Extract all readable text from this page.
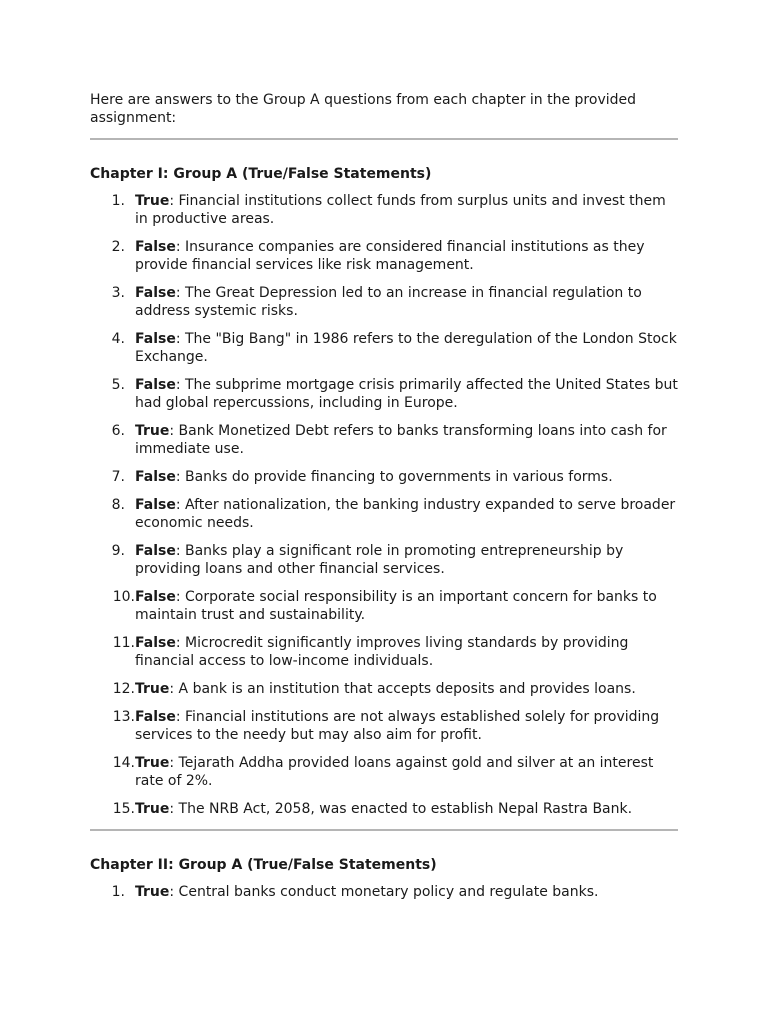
Here are answers to the Group A questions from each chapter in the provided assignment:

Chapter I: Group A (True/False Statements)
1. True: Financial institutions collect funds from surplus units and invest them in productive areas.
2. False: Insurance companies are considered financial institutions as they provide financial services like risk management.
3. False: The Great Depression led to an increase in financial regulation to address systemic risks.
4. False: The "Big Bang" in 1986 refers to the deregulation of the London Stock Exchange.
5. False: The subprime mortgage crisis primarily affected the United States but had global repercussions, including in Europe.
6. True: Bank Monetized Debt refers to banks transforming loans into cash for immediate use.
7. False: Banks do provide financing to governments in various forms.
8. False: After nationalization, the banking industry expanded to serve broader economic needs.
9. False: Banks play a significant role in promoting entrepreneurship by providing loans and other financial services.
10. False: Corporate social responsibility is an important concern for banks to maintain trust and sustainability.
11. False: Microcredit significantly improves living standards by providing financial access to low-income individuals.
12. True: A bank is an institution that accepts deposits and provides loans.
13. False: Financial institutions are not always established solely for providing services to the needy but may also aim for profit.
14. True: Tejarath Addha provided loans against gold and silver at an interest rate of 2%.
15. True: The NRB Act, 2058, was enacted to establish Nepal Rastra Bank.
Chapter II: Group A (True/False Statements)
1. True: Central banks conduct monetary policy and regulate banks.
